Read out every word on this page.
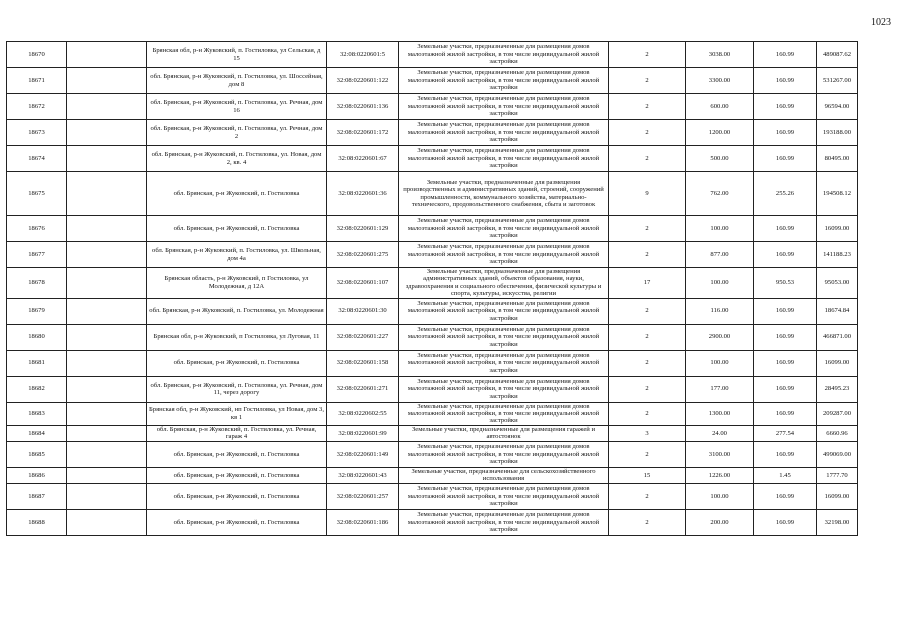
1023
18670		Брянская обл, р-н Жуковский, п. Гостиловка, ул Сельская, д 15	32:08:0220601:5	Земельные участки, предназначенные для размещения домов малоэтажной жилой застройки, в том числе индивидуальной жилой застройки	2	3038.00	160.99	489087.62
18671		обл. Брянская, р-н Жуковский, п. Гостиловка, ул. Шоссейная, дом 8	32:08:0220601:122	Земельные участки, предназначенные для размещения домов малоэтажной жилой застройки, в том числе индивидуальной жилой застройки	2	3300.00	160.99	531267.00
18672		обл. Брянская, р-н Жуковский, п. Гостиловка, ул. Речная, дом 16	32:08:0220601:136	Земельные участки, предназначенные для размещения домов малоэтажной жилой застройки, в том числе индивидуальной жилой застройки	2	600.00	160.99	96594.00
18673		обл. Брянская, р-н Жуковский, п. Гостиловка, ул. Речная, дом 2	32:08:0220601:172	Земельные участки, предназначенные для размещения домов малоэтажной жилой застройки, в том числе индивидуальной жилой застройки	2	1200.00	160.99	193188.00
18674		обл. Брянская, р-н Жуковский, п. Гостиловка, ул. Новая, дом 2, кв. 4	32:08:0220601:67	Земельные участки, предназначенные для размещения домов малоэтажной жилой застройки, в том числе индивидуальной жилой застройки	2	500.00	160.99	80495.00
18675		обл. Брянская, р-н Жуковский, п. Гостиловка	32:08:0220601:36	Земельные участки, предназначенные для размещения производственных и административных зданий, строений, сооружений промышленности, коммунального хозяйства, материально-технического, продовольственного снабжения, сбыта и заготовок	9	762.00	255.26	194508.12
18676		обл. Брянская, р-н Жуковский, п. Гостиловка	32:08:0220601:129	Земельные участки, предназначенные для размещения домов малоэтажной жилой застройки, в том числе индивидуальной жилой застройки	2	100.00	160.99	16099.00
18677		обл. Брянская, р-н Жуковский, п. Гостиловка, ул. Школьная, дом 4а	32:08:0220601:275	Земельные участки, предназначенные для размещения домов малоэтажной жилой застройки, в том числе индивидуальной жилой застройки	2	877.00	160.99	141188.23
18678		Брянская область, р-н Жуковский, п Гостиловка, ул Молодежная, д 12А	32:08:0220601:107	Земельные участки, предназначенные для размещения административных зданий, объектов образования, науки, здравоохранения и социального обеспечения, физической культуры и спорта, культуры, искусства, религии	17	100.00	950.53	95053.00
18679		обл. Брянская, р-н Жуковский, п. Гостиловка, ул. Молодежная	32:08:0220601:30	Земельные участки, предназначенные для размещения домов малоэтажной жилой застройки, в том числе индивидуальной жилой застройки	2	116.00	160.99	18674.84
18680		Брянская обл, р-н Жуковский, п Гостиловка, ул Луговая, 11	32:08:0220601:227	Земельные участки, предназначенные для размещения домов малоэтажной жилой застройки, в том числе индивидуальной жилой застройки	2	2900.00	160.99	466871.00
18681		обл. Брянская, р-н Жуковский, п. Гостиловка	32:08:0220601:158	Земельные участки, предназначенные для размещения домов малоэтажной жилой застройки, в том числе индивидуальной жилой застройки	2	100.00	160.99	16099.00
18682		обл. Брянская, р-н Жуковский, п. Гостиловка, ул. Речная, дом 11, через дорогу	32:08:0220601:271	Земельные участки, предназначенные для размещения домов малоэтажной жилой застройки, в том числе индивидуальной жилой застройки	2	177.00	160.99	28495.23
18683		Брянская обл, р-н Жуковский, нп Гостиловка, ул Новая, дом 3, кв 1	32:08:0220602:55	Земельные участки, предназначенные для размещения домов малоэтажной жилой застройки, в том числе индивидуальной жилой застройки	2	1300.00	160.99	209287.00
18684		обл. Брянская, р-н Жуковский, п. Гостиловка, ул. Речная, гараж 4	32:08:0220601:99	Земельные участки, предназначенные для размещения гаражей и автостоянок	3	24.00	277.54	6660.96
18685		обл. Брянская, р-н Жуковский, п. Гостиловка	32:08:0220601:149	Земельные участки, предназначенные для размещения домов малоэтажной жилой застройки, в том числе индивидуальной жилой застройки	2	3100.00	160.99	499069.00
18686		обл. Брянская, р-н Жуковский, п. Гостиловка	32:08:0220601:43	Земельные участки, предназначенные для сельскохозяйственного использования	15	1226.00	1.45	1777.70
18687		обл. Брянская, р-н Жуковский, п. Гостиловка	32:08:0220601:257	Земельные участки, предназначенные для размещения домов малоэтажной жилой застройки, в том числе индивидуальной жилой застройки	2	100.00	160.99	16099.00
18688		обл. Брянская, р-н Жуковский, п. Гостиловка	32:08:0220601:186	Земельные участки, предназначенные для размещения домов малоэтажной жилой застройки, в том числе индивидуальной жилой застройки	2	200.00	160.99	32198.00
